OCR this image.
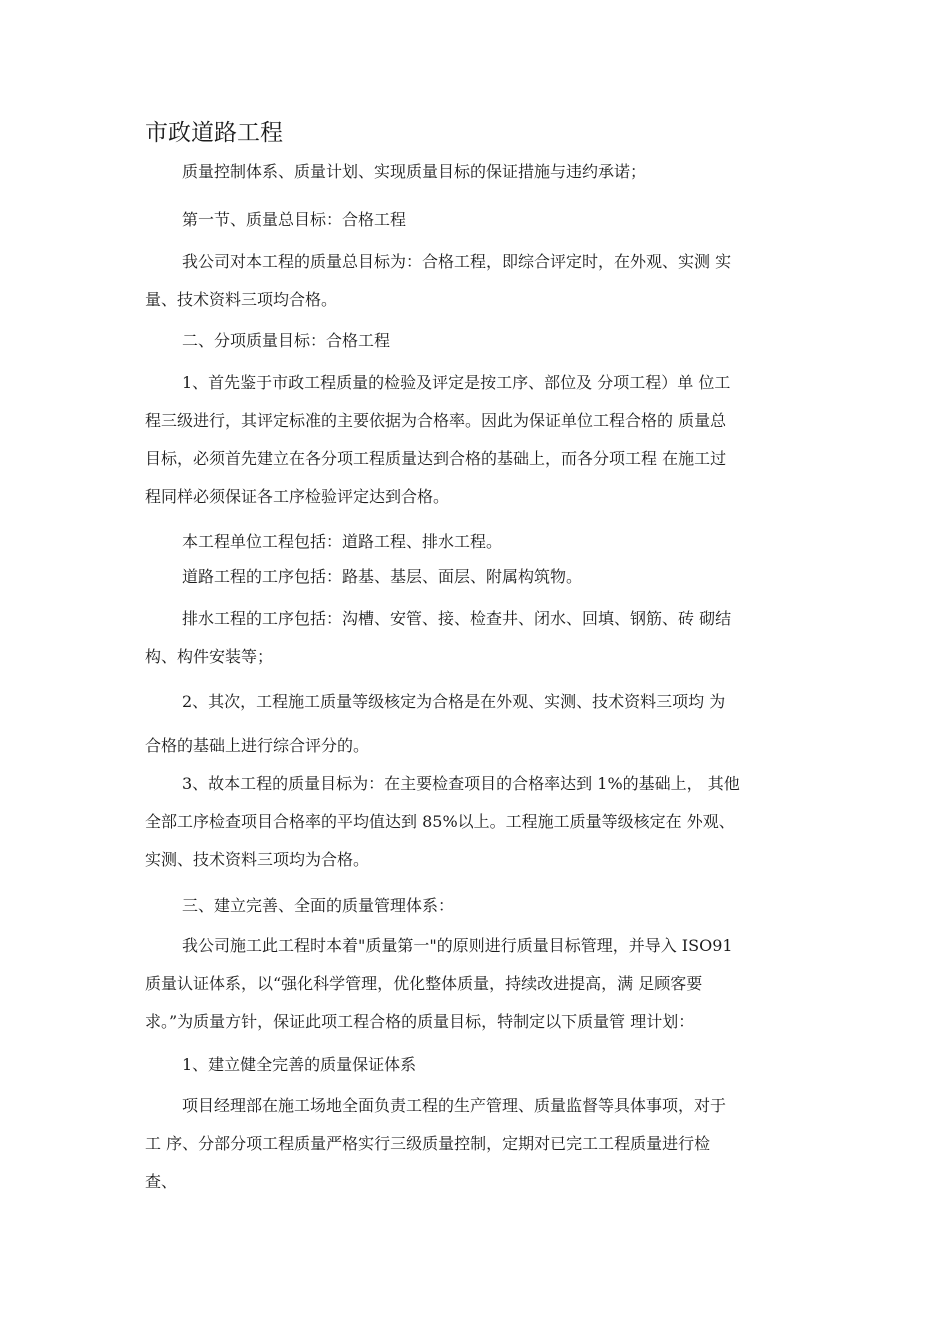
市政道路工程
质量控制体系、质量计划、实现质量目标的保证措施与违约承诺；
第一节、质量总目标：合格工程
我公司对本工程的质量总目标为：合格工程，即综合评定时，在外观、实测 实
量、技术资料三项均合格。
二、分项质量目标：合格工程
1、首先鉴于市政工程质量的检验及评定是按工序、部位及 分项工程）单 位工
程三级进行，其评定标准的主要依据为合格率。因此为保证单位工程合格的 质量总
目标，必须首先建立在各分项工程质量达到合格的基础上，而各分项工程 在施工过
程同样必须保证各工序检验评定达到合格。
本工程单位工程包括：道路工程、排水工程。
道路工程的工序包括：路基、基层、面层、附属构筑物。
排水工程的工序包括：沟槽、安管、接、检查井、闭水、回填、钢筋、砖 砌结
构、构件安装等；
2、其次，工程施工质量等级核定为合格是在外观、实测、技术资料三项均 为
合格的基础上进行综合评分的。
3、故本工程的质量目标为：在主要检查项目的合格率达到 1%的基础上， 其他
全部工序检查项目合格率的平均值达到 85%以上。工程施工质量等级核定在 外观、
实测、技术资料三项均为合格。
三、建立完善、全面的质量管理体系：
我公司施工此工程时本着"质量第一"的原则进行质量目标管理，并导入 ISO91
质量认证体系，以“强化科学管理，优化整体质量，持续改进提高，满 足顾客要
求。”为质量方针，保证此项工程合格的质量目标，特制定以下质量管 理计划：
1、建立健全完善的质量保证体系
项目经理部在施工场地全面负责工程的生产管理、质量监督等具体事项，对于
工 序、分部分项工程质量严格实行三级质量控制，定期对已完工工程质量进行检
查、
